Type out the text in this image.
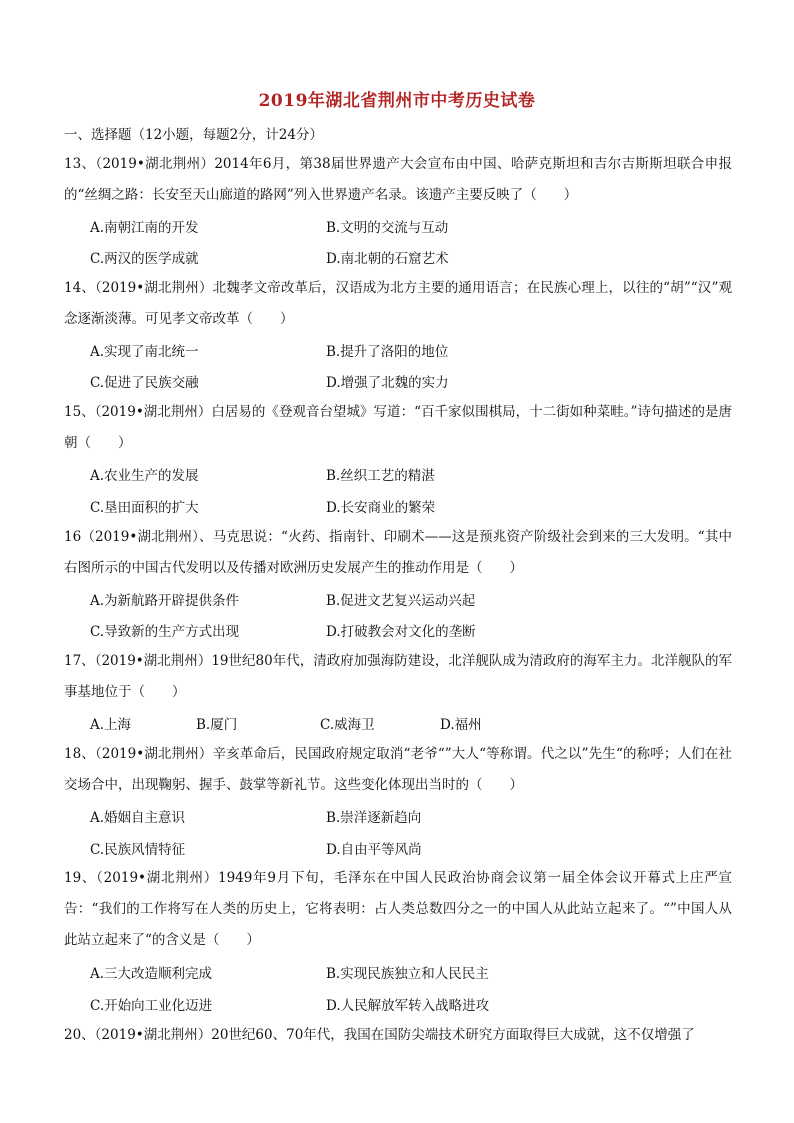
2019年湖北省荆州市中考历史试卷
一、选择题（12小题，每题2分，计24分）
13、（2019•湖北荆州）2014年6月，第38届世界遗产大会宣布由中国、哈萨克斯坦和吉尔吉斯斯坦联合申报的“丝绸之路：长安至天山廊道的路网”列入世界遗产名录。该遗产主要反映了（　　）
A.南朝江南的开发	B.文明的交流与互动
C.两汉的医学成就	D.南北朝的石窟艺术
14、（2019•湖北荆州）北魏孝文帝改革后，汉语成为北方主要的通用语言；在民族心理上，以往的“胡”“汉”观念逐渐淡薄。可见孝文帝改革（　　）
A.实现了南北统一	B.提升了洛阳的地位
C.促进了民族交融	D.增强了北魏的实力
15、（2019•湖北荆州）白居易的《登观音台望城》写道：“百千家似围棋局，十二街如种菜畦。”诗句描述的是唐朝（　　）
A.农业生产的发展	B.丝织工艺的精湛
C.垦田面积的扩大	D.长安商业的繁荣
16（2019•湖北荆州）、马克思说：“火药、指南针、印刷术——这是预兆资产阶级社会到来的三大发明。“其中右图所示的中国古代发明以及传播对欧洲历史发展产生的推动作用是（　　）
A.为新航路开辟提供条件	B.促进文艺复兴运动兴起
C.导致新的生产方式出现	D.打破教会对文化的垄断
17、（2019•湖北荆州）19世纪80年代，清政府加强海防建设，北洋舰队成为清政府的海军主力。北洋舰队的军事基地位于（　　）
A.上海	B.厦门	C.威海卫	D.福州
18、（2019•湖北荆州）辛亥革命后，民国政府规定取消“老爷“”大人“等称谓。代之以”先生“的称呼；人们在社交场合中，出现鞠躬、握手、鼓掌等新礼节。这些变化体现出当时的（　　）
A.婚姻自主意识	B.崇洋逐新趋向
C.民族风情特征	D.自由平等风尚
19、（2019•湖北荆州）1949年9月下旬，毛泽东在中国人民政治协商会议第一届全体会议开幕式上庄严宣告：“我们的工作将写在人类的历史上，它将表明：占人类总数四分之一的中国人从此站立起来了。“”中国人从此站立起来了“的含义是（　　）
A.三大改造顺利完成	B.实现民族独立和人民民主
C.开始向工业化迈进	D.人民解放军转入战略进攻
20、（2019•湖北荆州）20世纪60、70年代，我国在国防尖端技术研究方面取得巨大成就，这不仅增强了
